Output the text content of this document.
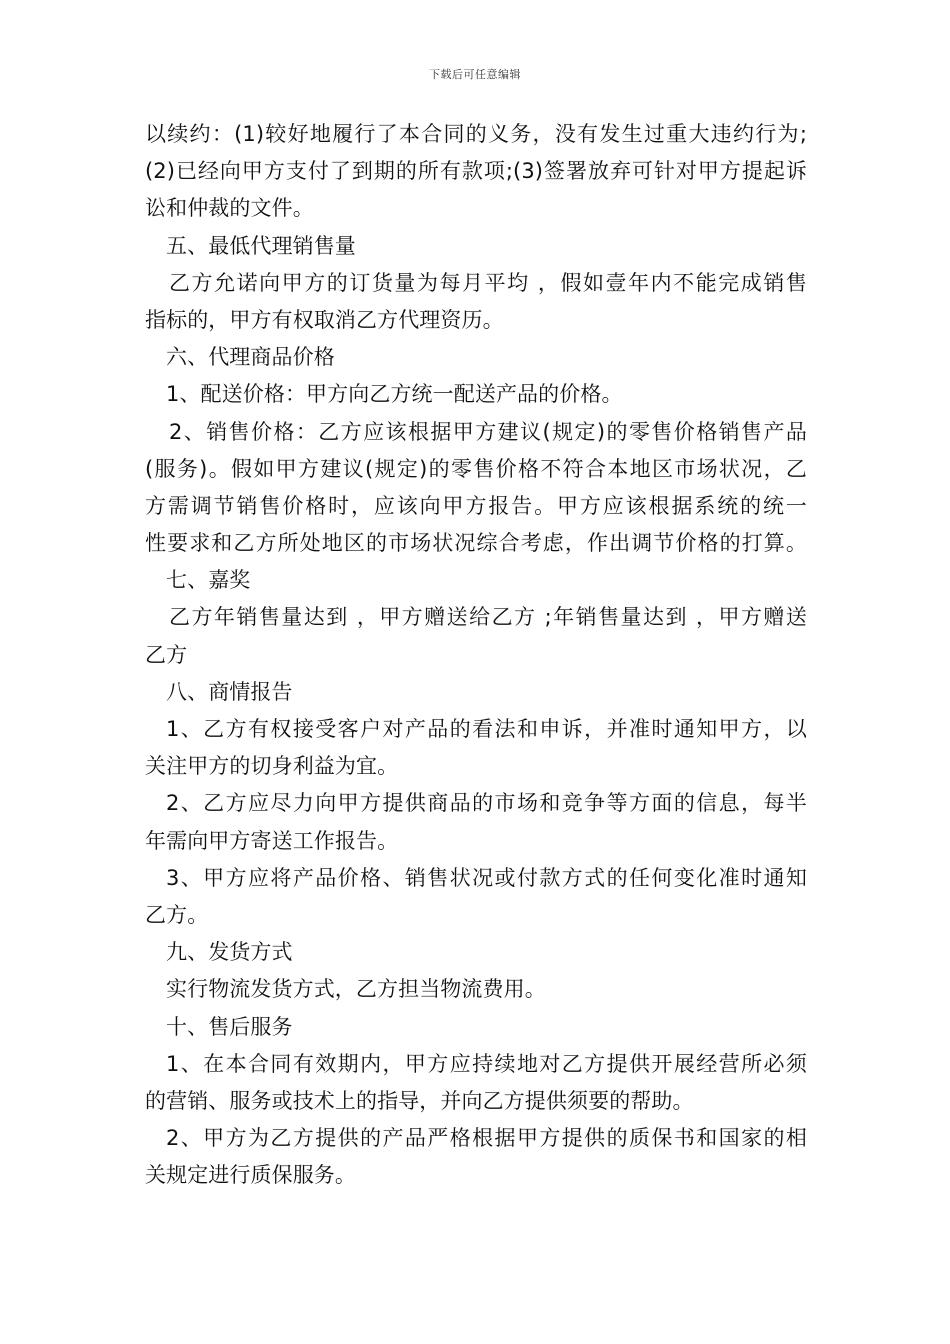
下载后可任意编辑
以续约：(1)较好地履行了本合同的义务，没有发生过重大违约行为;
(2)已经向甲方支付了到期的所有款项;(3)签署放弃可针对甲方提起诉
讼和仲裁的文件。
五、最低代理销售量
乙方允诺向甲方的订货量为每月平均 ，假如壹年内不能完成销售
指标的，甲方有权取消乙方代理资历。
六、代理商品价格
1、配送价格：甲方向乙方统一配送产品的价格。
2、销售价格：乙方应该根据甲方建议(规定)的零售价格销售产品
(服务)。假如甲方建议(规定)的零售价格不符合本地区市场状况，乙
方需调节销售价格时，应该向甲方报告。甲方应该根据系统的统一
性要求和乙方所处地区的市场状况综合考虑，作出调节价格的打算。
七、嘉奖
乙方年销售量达到 ，甲方赠送给乙方 ;年销售量达到 ，甲方赠送
乙方
八、商情报告
1、乙方有权接受客户对产品的看法和申诉，并准时通知甲方，以
关注甲方的切身利益为宜。
2、乙方应尽力向甲方提供商品的市场和竞争等方面的信息，每半
年需向甲方寄送工作报告。
3、甲方应将产品价格、销售状况或付款方式的任何变化准时通知
乙方。
九、发货方式
实行物流发货方式，乙方担当物流费用。
十、售后服务
1、在本合同有效期内，甲方应持续地对乙方提供开展经营所必须
的营销、服务或技术上的指导，并向乙方提供须要的帮助。
2、甲方为乙方提供的产品严格根据甲方提供的质保书和国家的相
关规定进行质保服务。
